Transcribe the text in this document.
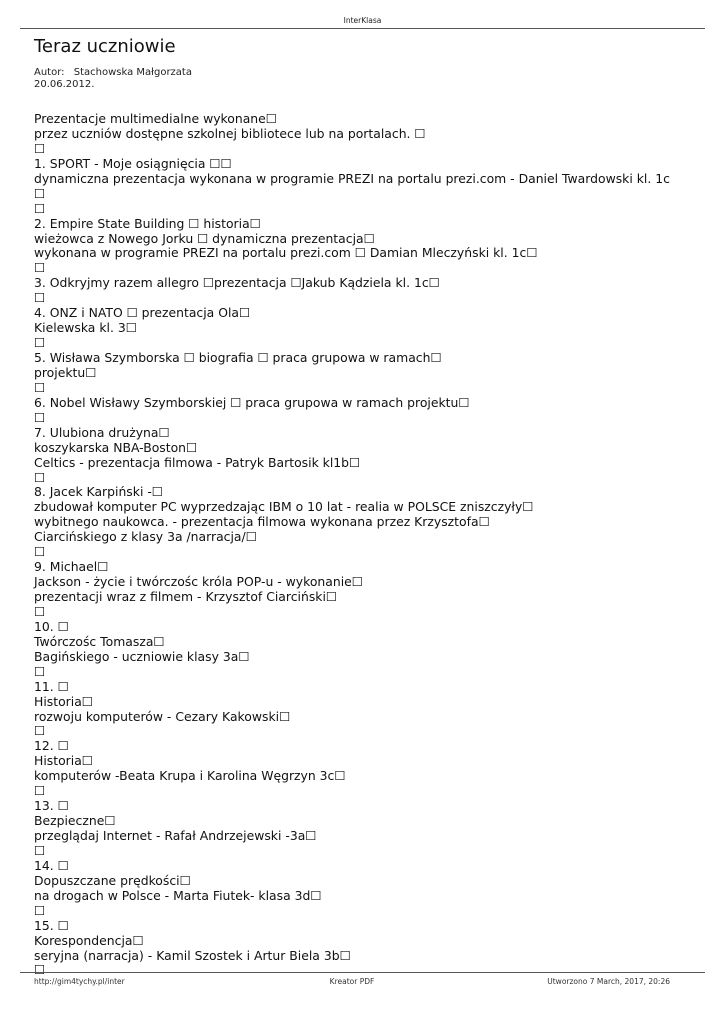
InterKlasa
Teraz uczniowie
Autor: Stachowska Małgorzata
20.06.2012.
Prezentacje multimedialne wykonane☐
przez uczniów dostępne szkolnej bibliotece lub na portalach. ☐
☐
1. SPORT - Moje osiągnięcia ☐☐
dynamiczna prezentacja wykonana w programie PREZI na portalu prezi.com - Daniel Twardowski kl. 1c
☐
☐
2. Empire State Building ☐ historia☐
wieżowca z Nowego Jorku ☐ dynamiczna prezentacja☐
wykonana w programie PREZI na portalu prezi.com ☐ Damian Mleczyński kl. 1c☐
☐
3. Odkryjmy razem allegro ☐prezentacja ☐Jakub Kądziela kl. 1c☐
☐
4. ONZ i NATO ☐ prezentacja Ola☐
Kielewska kl. 3☐
☐
5. Wisława Szymborska ☐ biografia ☐ praca grupowa w ramach☐
projektu☐
☐
6. Nobel Wisławy Szymborskiej ☐ praca grupowa w ramach projektu☐
☐
7. Ulubiona drużyna☐
koszykarska NBA-Boston☐
Celtics - prezentacja filmowa - Patryk Bartosik kl1b☐
☐
8. Jacek Karpiński -☐
zbudował komputer PC wyprzedzając IBM o 10 lat - realia w POLSCE zniszczyły☐
wybitnego naukowca. - prezentacja filmowa wykonana przez Krzysztofa☐
Ciarcińskiego z klasy 3a /narracja/☐
☐
9. Michael☐
Jackson - życie i twórczośc króla POP-u - wykonanie☐
prezentacji wraz z filmem - Krzysztof Ciarciński☐
☐
10. ☐
Twórczośc Tomasza☐
Bagińskiego - uczniowie klasy 3a☐
☐
11. ☐
Historia☐
rozwoju komputerów - Cezary Kakowski☐
☐
12. ☐
Historia☐
komputerów -Beata Krupa i Karolina Węgrzyn 3c☐
☐
13. ☐
Bezpieczne☐
przeglądaj Internet - Rafał Andrzejewski -3a☐
☐
14. ☐
Dopuszczane prędkości☐
na drogach w Polsce - Marta Fiutek- klasa 3d☐
☐
15. ☐
Korespondencja☐
seryjna (narracja) - Kamil Szostek i Artur Biela 3b☐
☐
http://gim4tychy.pl/inter	Kreator PDF	Utworzono 7 March, 2017, 20:26
